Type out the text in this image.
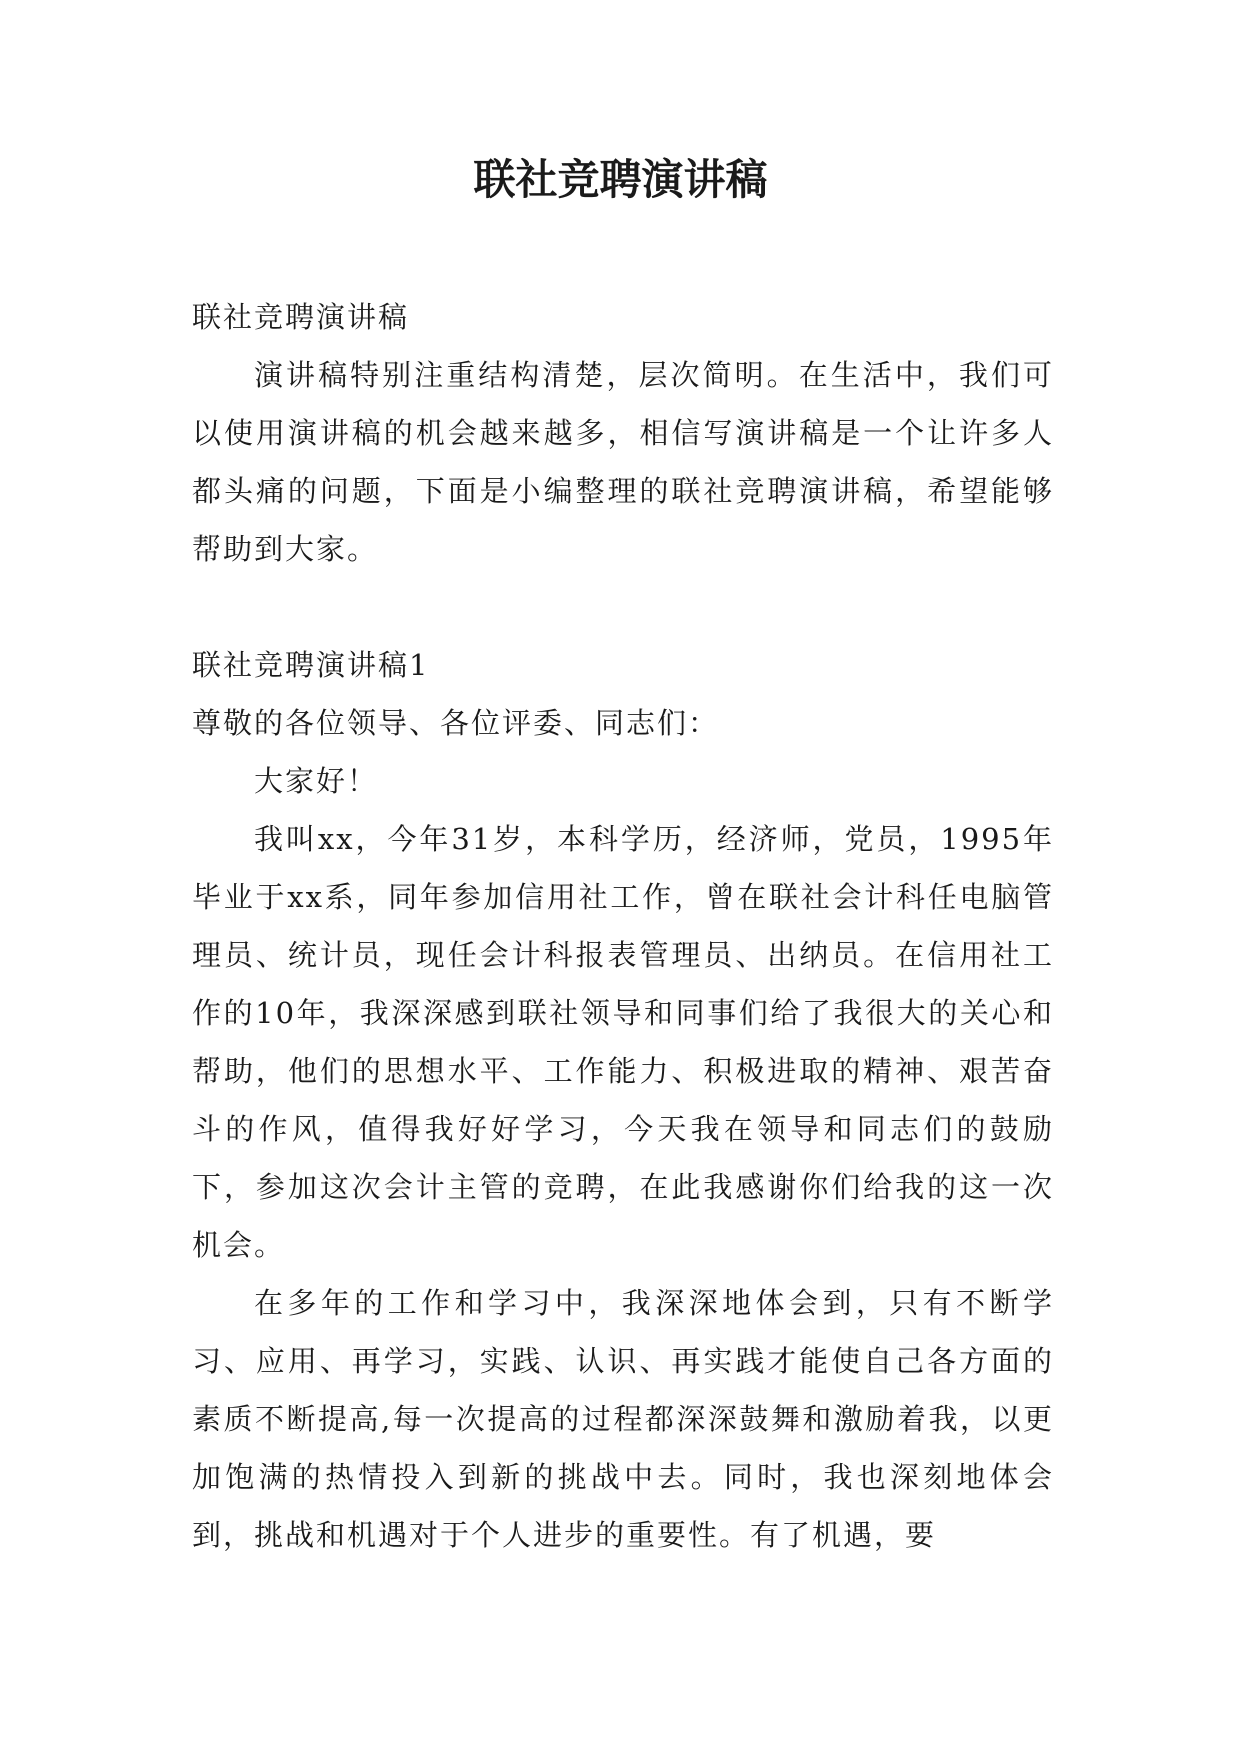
联社竞聘演讲稿

联社竞聘演讲稿

演讲稿特别注重结构清楚，层次简明。在生活中，我们可以使用演讲稿的机会越来越多，相信写演讲稿是一个让许多人都头痛的问题，下面是小编整理的联社竞聘演讲稿，希望能够帮助到大家。

联社竞聘演讲稿1

尊敬的各位领导、各位评委、同志们：

大家好！

我叫xx，今年31岁，本科学历，经济师，党员，1995年毕业于xx系，同年参加信用社工作，曾在联社会计科任电脑管理员、统计员，现任会计科报表管理员、出纳员。在信用社工作的10年，我深深感到联社领导和同事们给了我很大的关心和帮助，他们的思想水平、工作能力、积极进取的精神、艰苦奋斗的作风，值得我好好学习，今天我在领导和同志们的鼓励下，参加这次会计主管的竞聘，在此我感谢你们给我的这一次机会。

在多年的工作和学习中，我深深地体会到，只有不断学习、应用、再学习，实践、认识、再实践才能使自己各方面的素质不断提高,每一次提高的过程都深深鼓舞和激励着我，以更加饱满的热情投入到新的挑战中去。同时，我也深刻地体会到，挑战和机遇对于个人进步的重要性。有了机遇，要
